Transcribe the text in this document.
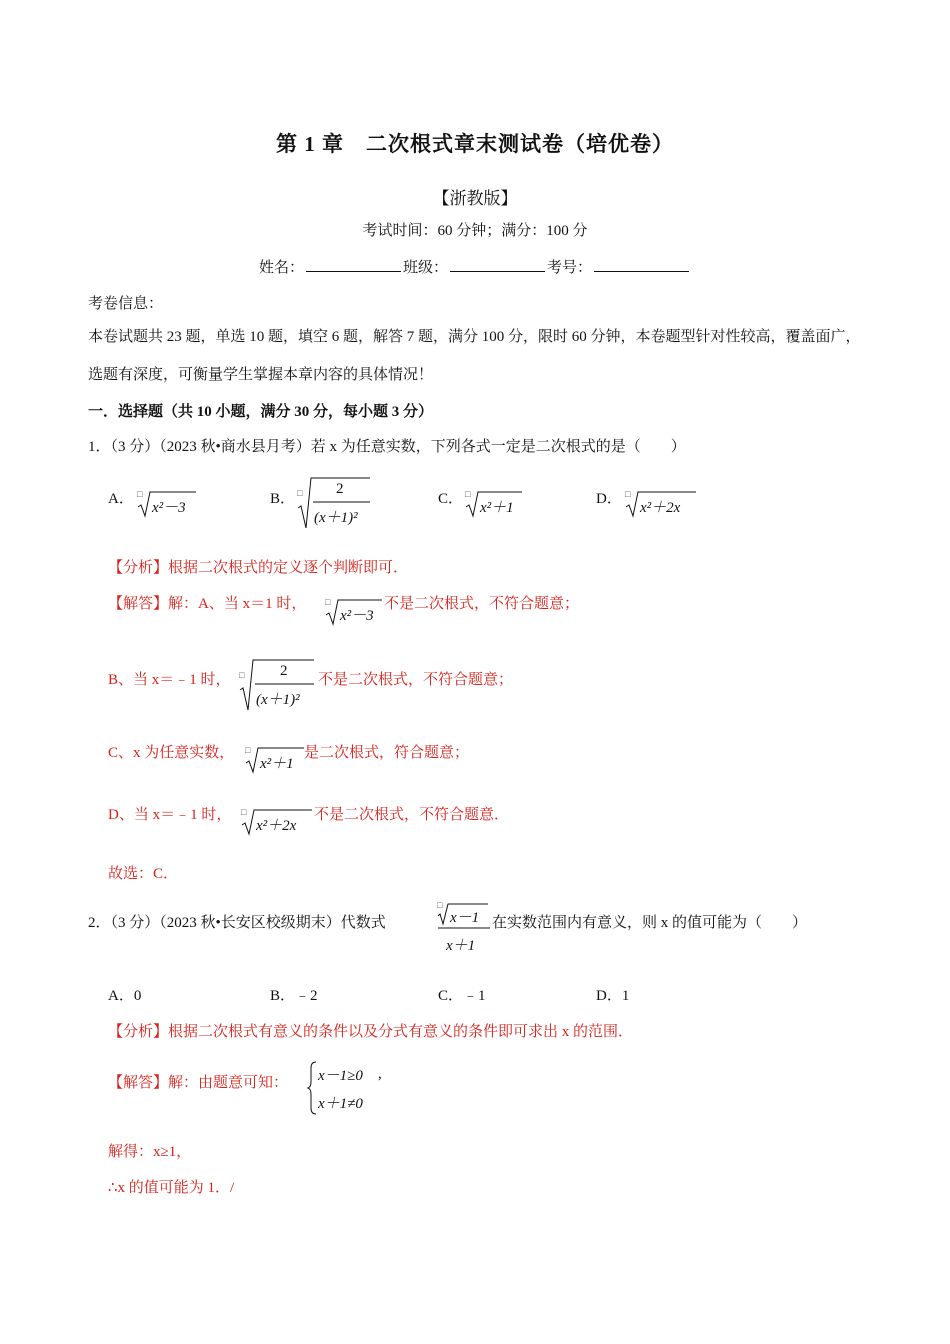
第 1 章　二次根式章末测试卷（培优卷）
【浙教版】
考试时间：60 分钟；满分：100 分
姓名：	班级：	考号：
考卷信息：
本卷试题共 23 题，单选 10 题，填空 6 题，解答 7 题，满分 100 分，限时 60 分钟，本卷题型针对性较高，覆盖面广，选题有深度，可衡量学生掌握本章内容的具体情况！
一．选择题（共 10 小题，满分 30 分，每小题 3 分）
1．（3 分）（2023 秋•商水县月考）若 x 为任意实数，下列各式一定是二次根式的是（　　）
A． □
x²－3
B． □ 2
(x＋1)²
C． □
x²＋1
D． □
x²＋2x
【分析】根据二次根式的定义逐个判断即可．
【解答】解：A、当 x＝1 时， □
x²－3
不是二次根式，不符合题意；
B、当 x＝﹣1 时， □ 2
(x＋1)²
不是二次根式，不符合题意；
C、x 为任意实数， □
x²＋1
是二次根式，符合题意；
D、当 x＝﹣1 时， □
x²＋2x
不是二次根式，不符合题意．
故选：C．
2．（3 分）（2023 秋•长安区校级期末）代数式
□
x－1
x＋1
在实数范围内有意义，则 x 的值可能为（　　）
A．0	B．﹣2	C．﹣1	D．1
【分析】根据二次根式有意义的条件以及分式有意义的条件即可求出 x 的范围．
【解答】解：由题意可知： x－1≥0 ,
x＋1≠0
解得：x≥1，
∴x 的值可能为 1．/
